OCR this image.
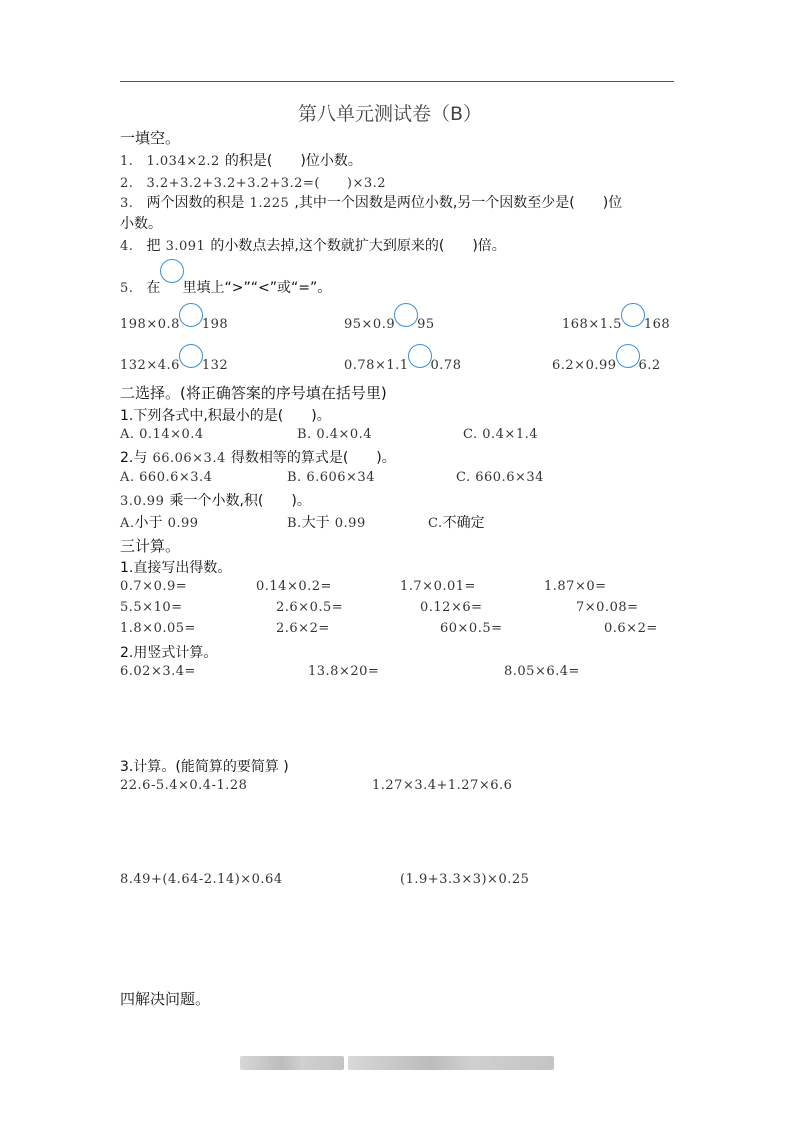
第八单元测试卷（B）
一填空。
1. 1.034×2.2 的积是(　　)位小数。
2. 3.2+3.2+3.2+3.2+3.2=(　　)×3.2
3. 两个因数的积是 1.225 ,其中一个因数是两位小数,另一个因数至少是(　　)位
小数。
4. 把 3.091 的小数点去掉,这个数就扩大到原来的(　　)倍。
5. 在 里填上“>”“<”或“=”。
198×0.8 198	95×0.9 95	168×1.5 168
132×4.6 132	0.78×1.1 0.78	6.2×0.99 6.2
二选择。(将正确答案的序号填在括号里)
1.下列各式中,积最小的是(　　)。
A. 0.14×0.4	B. 0.4×0.4	C. 0.4×1.4
2.与 66.06×3.4 得数相等的算式是(　　)。
A. 660.6×3.4	B. 6.606×34	C. 660.6×34
3.0.99 乘一个小数,积(　　)。
A.小于 0.99	B.大于 0.99	C.不确定
三计算。
1.直接写出得数。
0.7×0.9=	0.14×0.2=	1.7×0.01=	1.87×0=
5.5×10=	2.6×0.5=	0.12×6=	7×0.08=
1.8×0.05=	2.6×2=	60×0.5=	0.6×2=
2.用竖式计算。
6.02×3.4=	13.8×20=	8.05×6.4=
3.计算。(能简算的要简算 )
22.6-5.4×0.4-1.28	1.27×3.4+1.27×6.6
8.49+(4.64-2.14)×0.64	(1.9+3.3×3)×0.25
四解决问题。
